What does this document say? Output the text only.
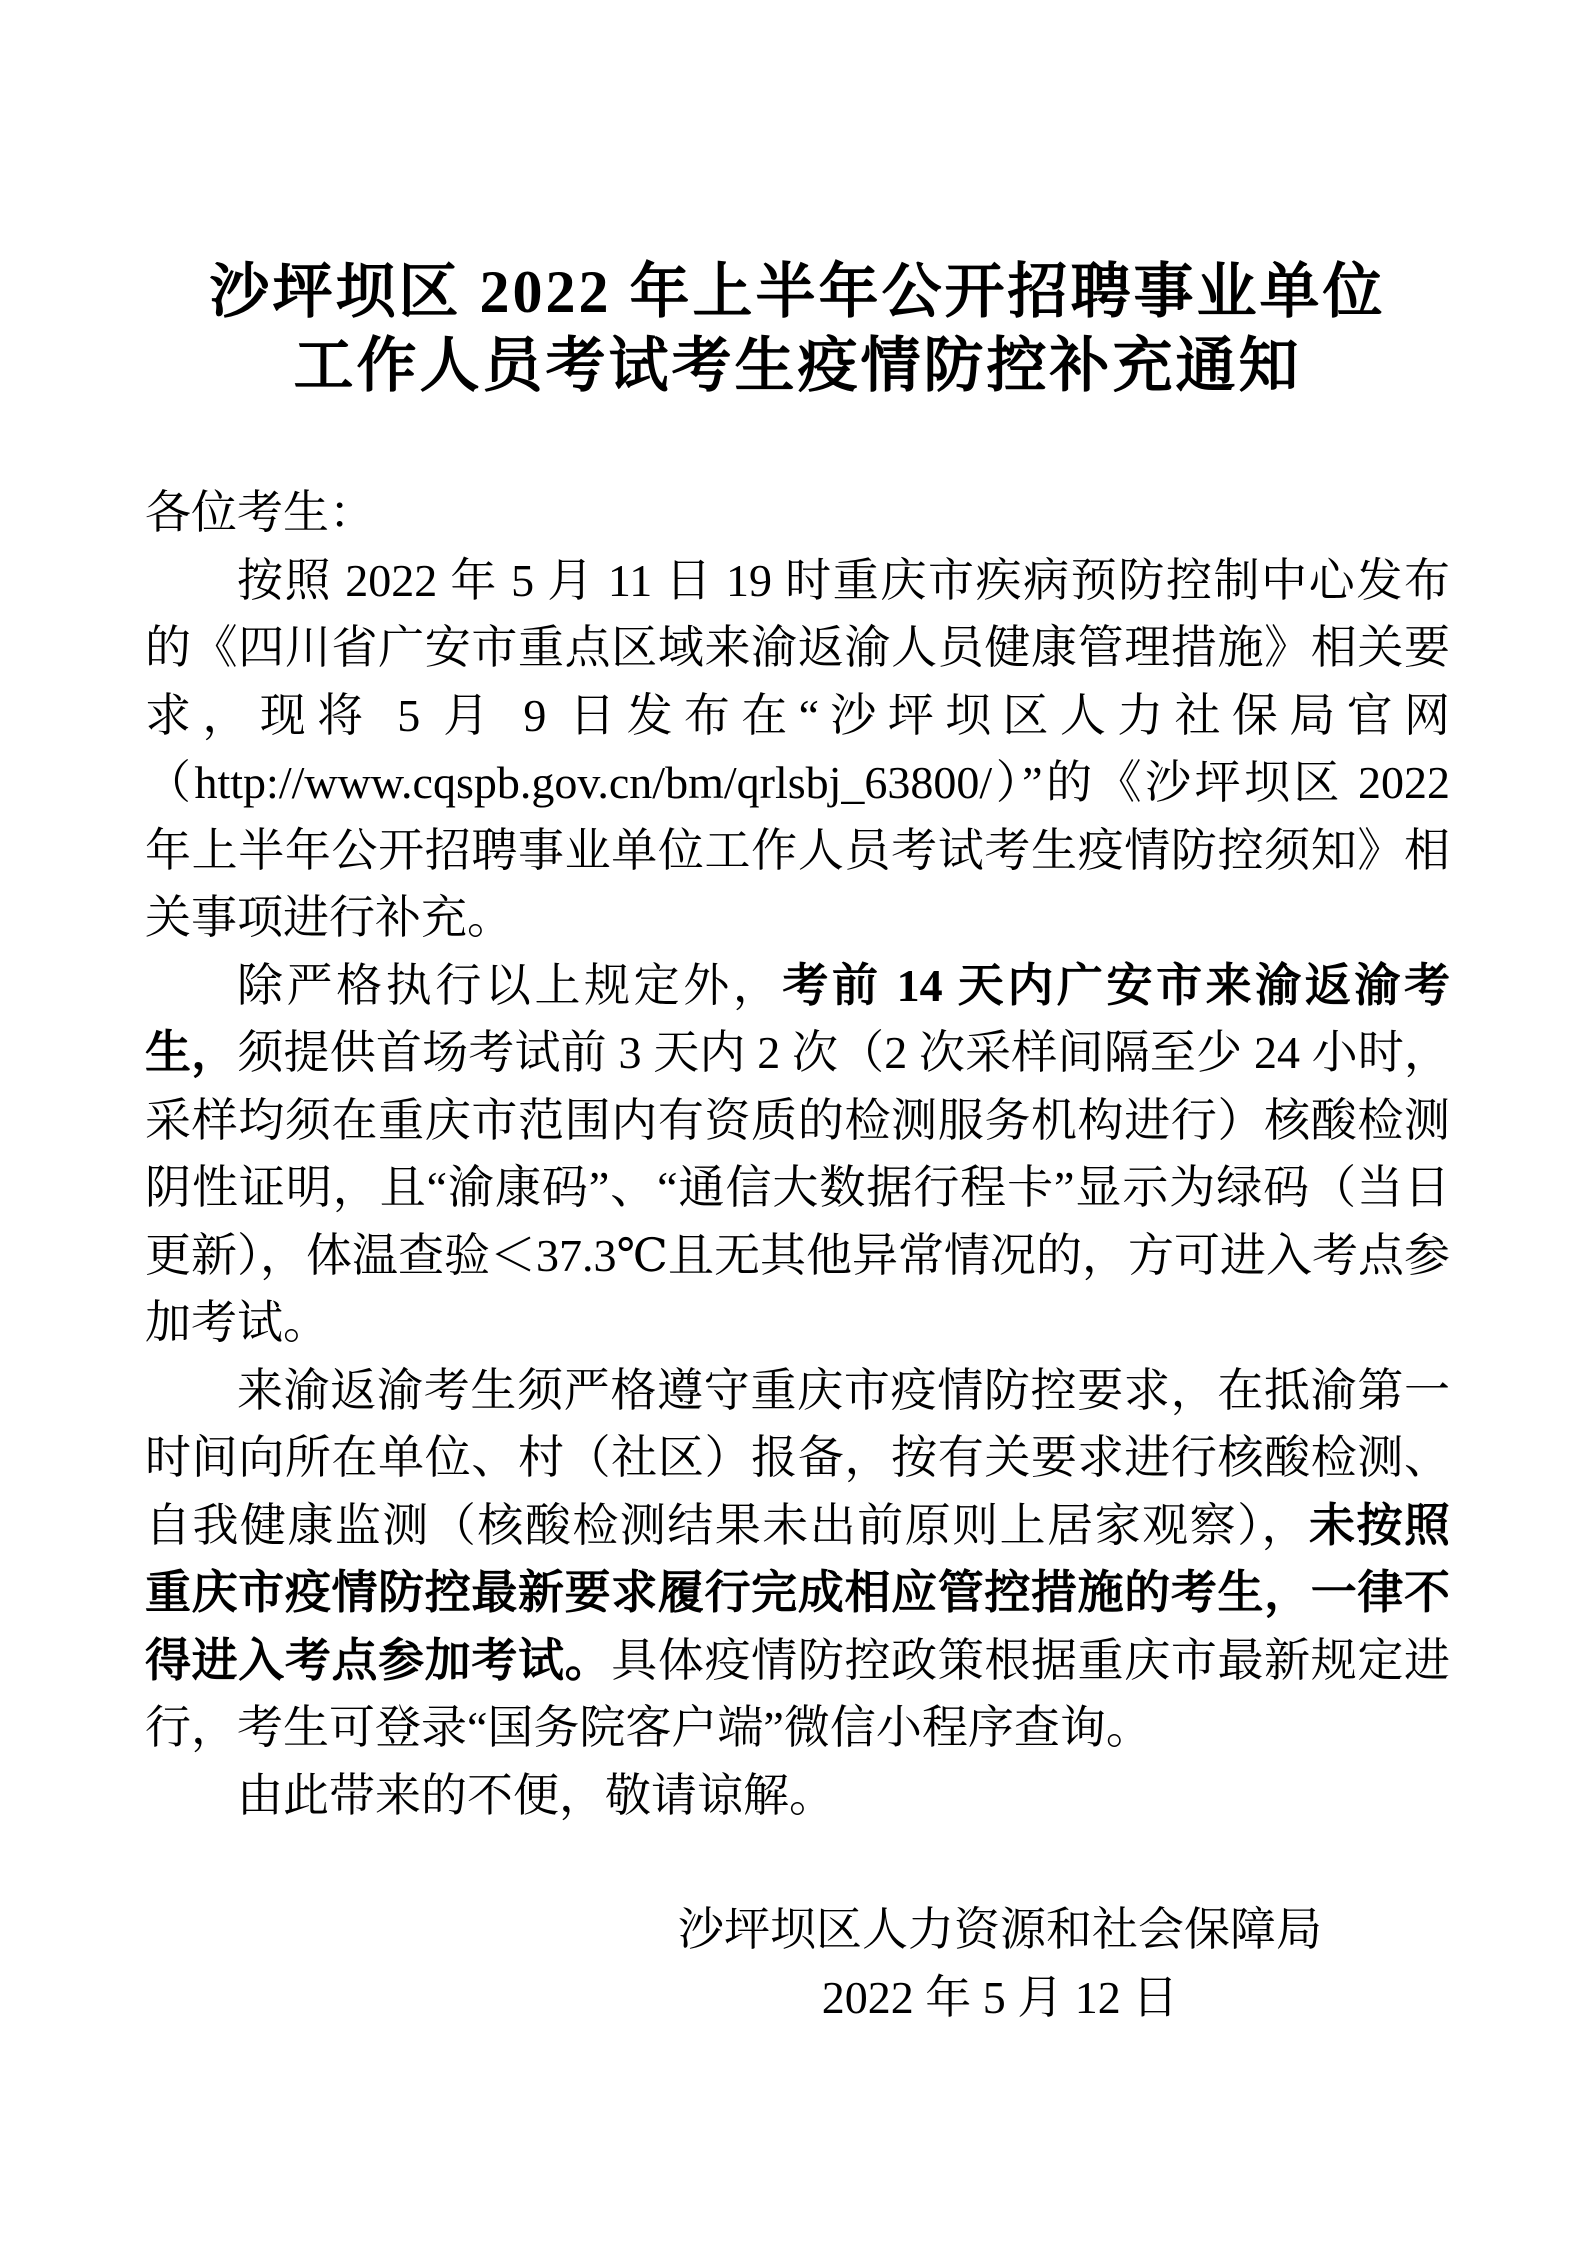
沙坪坝区 2022 年上半年公开招聘事业单位
工作人员考试考生疫情防控补充通知

各位考生：

按照 2022 年 5 月 11 日 19 时重庆市疾病预防控制中心发布的《四川省广安市重点区域来渝返渝人员健康管理措施》相关要求，现将 5 月 9 日发布在“沙坪坝区人力社保局官网（http://www.cqspb.gov.cn/bm/qrlsbj_63800/）”的《沙坪坝区 2022 年上半年公开招聘事业单位工作人员考试考生疫情防控须知》相关事项进行补充。

除严格执行以上规定外，考前 14 天内广安市来渝返渝考生，须提供首场考试前 3 天内 2 次（2 次采样间隔至少 24 小时，采样均须在重庆市范围内有资质的检测服务机构进行）核酸检测阴性证明，且“渝康码”、“通信大数据行程卡”显示为绿码（当日更新），体温查验＜37.3℃且无其他异常情况的，方可进入考点参加考试。

来渝返渝考生须严格遵守重庆市疫情防控要求，在抵渝第一时间向所在单位、村（社区）报备，按有关要求进行核酸检测、自我健康监测（核酸检测结果未出前原则上居家观察），未按照重庆市疫情防控最新要求履行完成相应管控措施的考生，一律不得进入考点参加考试。具体疫情防控政策根据重庆市最新规定进行，考生可登录“国务院客户端”微信小程序查询。

由此带来的不便，敬请谅解。

沙坪坝区人力资源和社会保障局
2022 年 5 月 12 日
